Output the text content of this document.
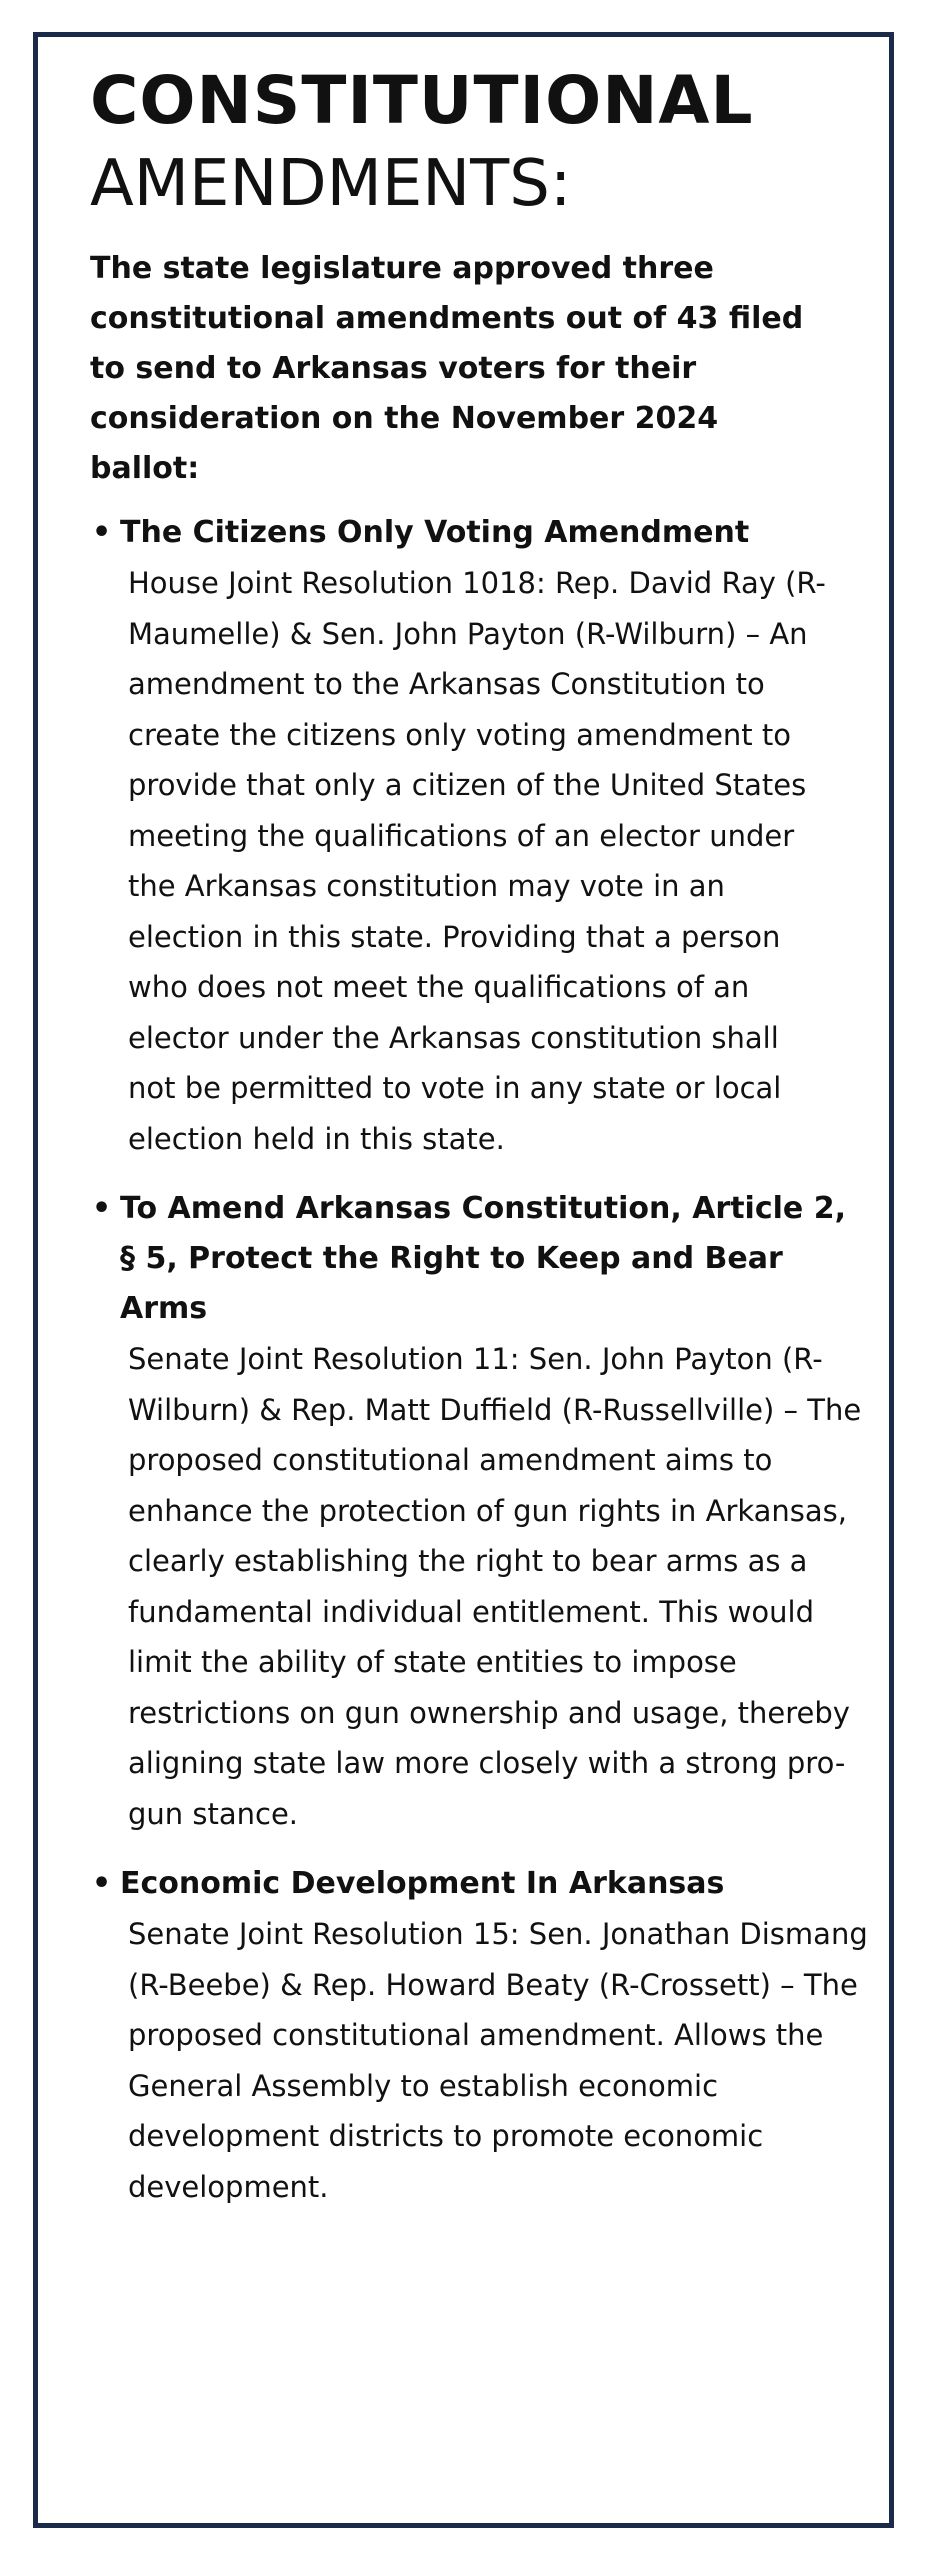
CONSTITUTIONAL
AMENDMENTS:

The state legislature approved three constitutional amendments out of 43 filed to send to Arkansas voters for their consideration on the November 2024 ballot:

• The Citizens Only Voting Amendment

House Joint Resolution 1018: Rep. David Ray (R-Maumelle) & Sen. John Payton (R-Wilburn) – An amendment to the Arkansas Constitution to create the citizens only voting amendment to provide that only a citizen of the United States meeting the qualifications of an elector under the Arkansas constitution may vote in an election in this state. Providing that a person who does not meet the qualifications of an elector under the Arkansas constitution shall not be permitted to vote in any state or local election held in this state.

• To Amend Arkansas Constitution, Article 2, § 5, Protect the Right to Keep and Bear Arms

Senate Joint Resolution 11: Sen. John Payton (R-Wilburn) & Rep. Matt Duffield (R-Russellville) – The proposed constitutional amendment aims to enhance the protection of gun rights in Arkansas, clearly establishing the right to bear arms as a fundamental individual entitlement. This would limit the ability of state entities to impose restrictions on gun ownership and usage, thereby aligning state law more closely with a strong pro-gun stance.

• Economic Development In Arkansas

Senate Joint Resolution 15: Sen. Jonathan Dismang (R-Beebe) & Rep. Howard Beaty (R-Crossett) – The proposed constitutional amendment. Allows the General Assembly to establish economic development districts to promote economic development.
